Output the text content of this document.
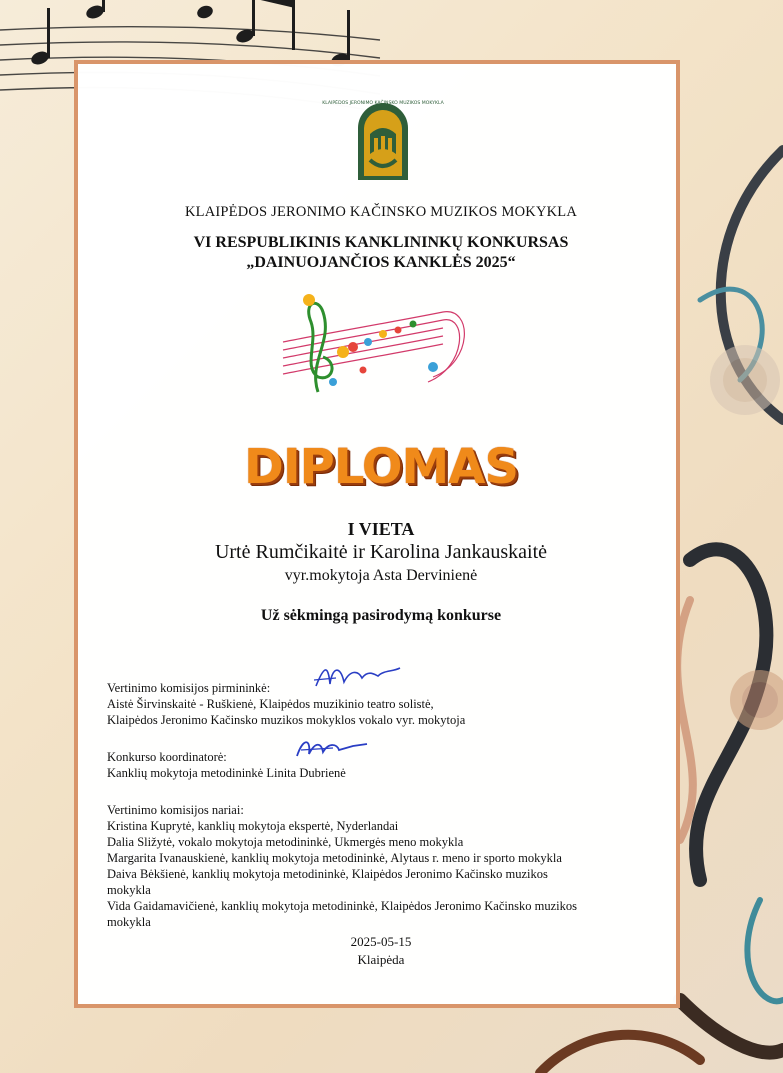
KLAIPĖDOS JERONIMO KAČINSKO MUZIKOS MOKYKLA
KLAIPĖDOS JERONIMO KAČINSKO MUZIKOS MOKYKLA
VI RESPUBLIKINIS KANKLININKŲ KONKURSAS
„DAINUOJANČIOS KANKLĖS 2025“
DIPLOMAS
I VIETA
Urtė Rumčikaitė ir Karolina Jankauskaitė
vyr.mokytoja Asta Dervinienė
Už sėkmingą pasirodymą konkurse
Vertinimo komisijos pirmininkė:
Aistė Širvinskaitė - Ruškienė, Klaipėdos muzikinio teatro solistė,
Klaipėdos Jeronimo Kačinsko muzikos mokyklos vokalo vyr. mokytoja
Konkurso koordinatorė:
Kanklių mokytoja metodininkė Linita Dubrienė
Vertinimo komisijos nariai:
Kristina Kuprytė, kanklių mokytoja ekspertė, Nyderlandai
Dalia Sližytė, vokalo mokytoja metodininkė, Ukmergės meno mokykla
Margarita Ivanauskienė, kanklių mokytoja metodininkė, Alytaus r. meno ir sporto mokykla
Daiva Bėkšienė, kanklių mokytoja metodininkė, Klaipėdos Jeronimo Kačinsko muzikos
mokykla
Vida Gaidamavičienė, kanklių mokytoja metodininkė, Klaipėdos Jeronimo Kačinsko muzikos
mokykla
2025-05-15
Klaipėda
